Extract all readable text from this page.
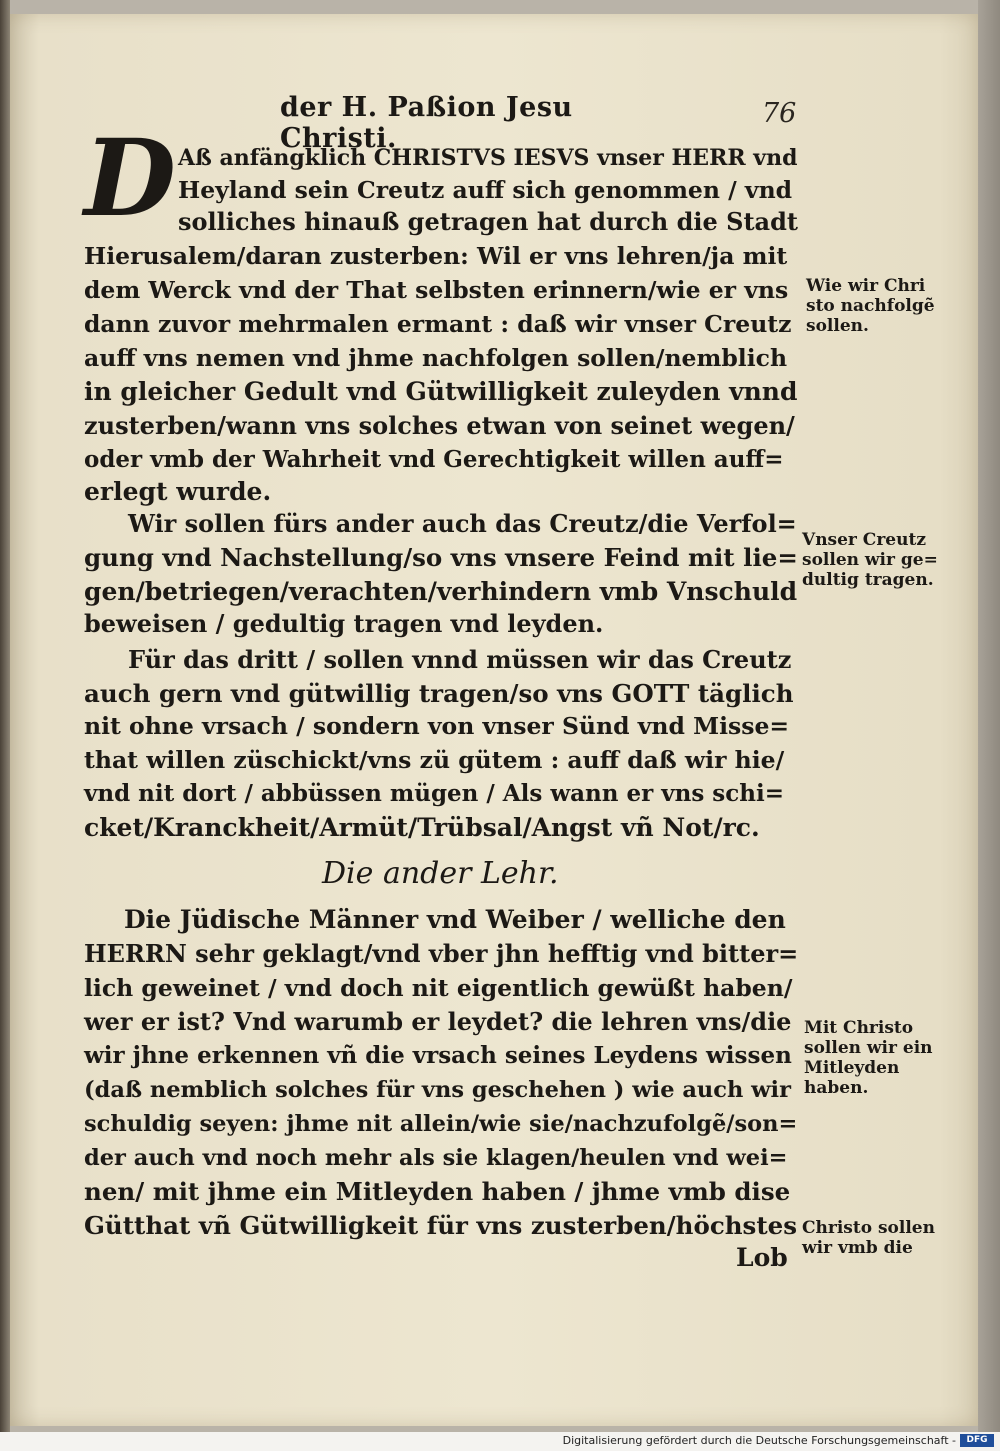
der H. Paßion Jesu Christi.
76
D Aß anfängklich CHRISTVS IESVS vnser HERR vnd
Heyland sein Creutz auff sich genommen / vnd
solliches hinauß getragen hat durch die Stadt
Hierusalem/daran zusterben: Wil er vns lehren/ja mit
dem Werck vnd der That selbsten erinnern/wie er vns
dann zuvor mehrmalen ermant : daß wir vnser Creutz
auff vns nemen vnd jhme nachfolgen sollen/nemblich
in gleicher Gedult vnd Gütwilligkeit zuleyden vnnd
zusterben/wann vns solches etwan von seinet wegen/
oder vmb der Wahrheit vnd Gerechtigkeit willen auff=
erlegt wurde.
Wir sollen fürs ander auch das Creutz/die Verfol=
gung vnd Nachstellung/so vns vnsere Feind mit lie=
gen/betriegen/verachten/verhindern vmb Vnschuld
beweisen / gedultig tragen vnd leyden.
Für das dritt / sollen vnnd müssen wir das Creutz
auch gern vnd gütwillig tragen/so vns GOTT täglich
nit ohne vrsach / sondern von vnser Sünd vnd Misse=
that willen züschickt/vns zü gütem : auff daß wir hie/
vnd nit dort / abbüssen mügen / Als wann er vns schi=
cket/Kranckheit/Armüt/Trübsal/Angst vñ Not/rc.
Die ander Lehr.
Die Jüdische Männer vnd Weiber / welliche den
HERRN sehr geklagt/vnd vber jhn hefftig vnd bitter=
lich geweinet / vnd doch nit eigentlich gewüßt haben/
wer er ist? Vnd warumb er leydet? die lehren vns/die
wir jhne erkennen vñ die vrsach seines Leydens wissen
(daß nemblich solches für vns geschehen ) wie auch wir
schuldig seyen: jhme nit allein/wie sie/nachzufolgẽ/son=
der auch vnd noch mehr als sie klagen/heulen vnd wei=
nen/ mit jhme ein Mitleyden haben / jhme vmb dise
Gütthat vñ Gütwilligkeit für vns zusterben/höchstes
Lob
Wie wir Chri
sto nachfolgẽ
sollen.
Vnser Creutz
sollen wir ge=
dultig tragen.
Mit Christo
sollen wir ein
Mitleyden
haben.
Christo sollen
wir vmb die
Digitalisierung gefördert durch die Deutsche Forschungsgemeinschaft -	DFG
